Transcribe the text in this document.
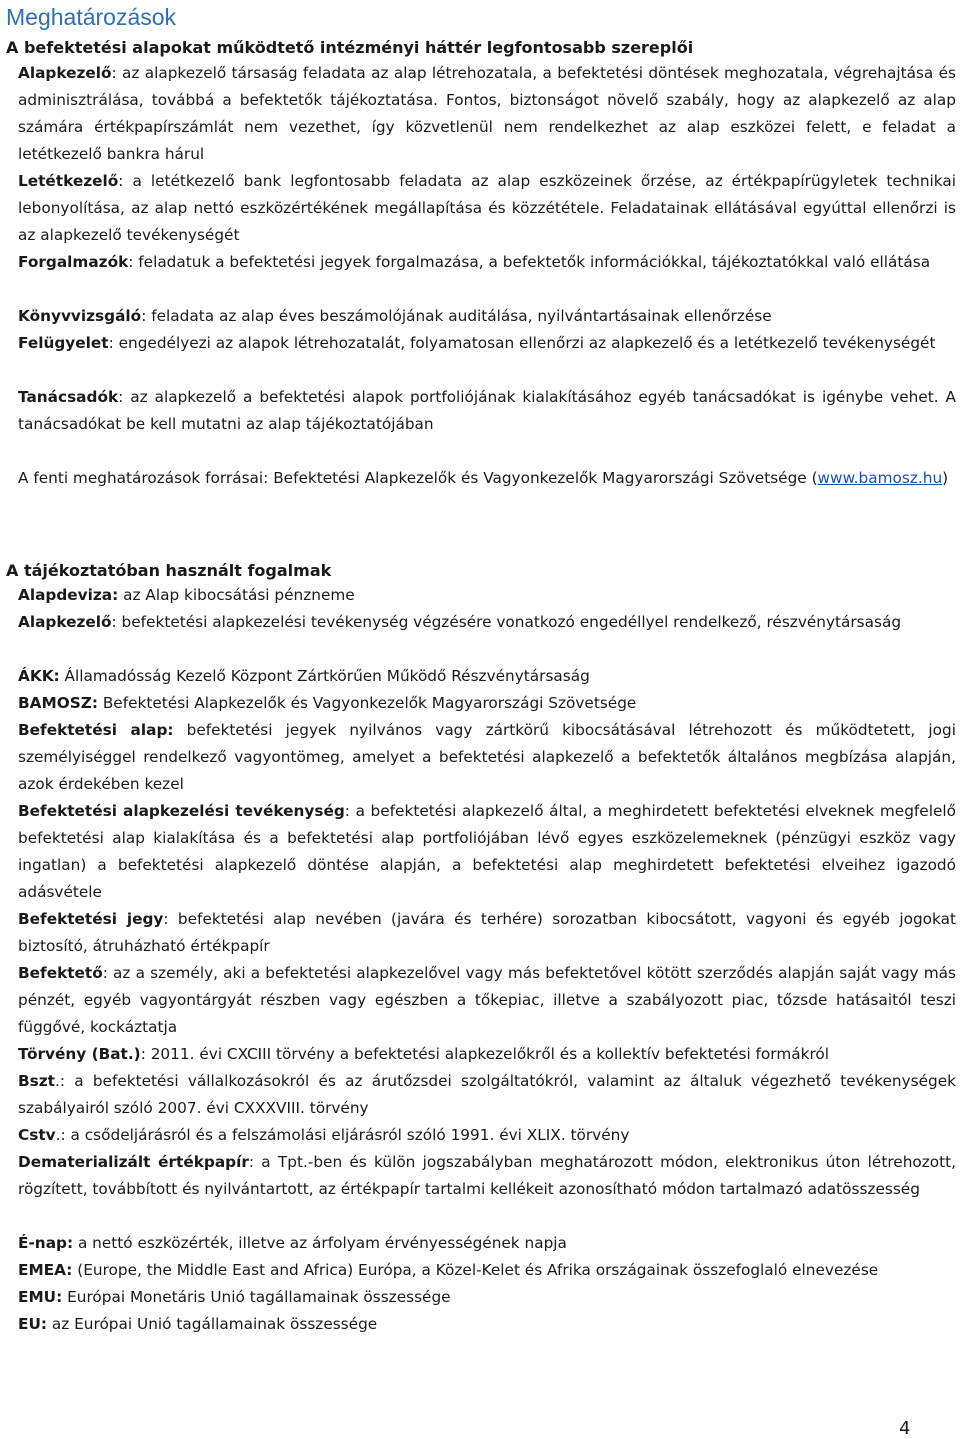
Meghatározások
A befektetési alapokat működtető intézményi háttér legfontosabb szereplői

Alapkezelő: az alapkezelő társaság feladata az alap létrehozatala, a befektetési döntések meghozatala, végrehajtása és adminisztrálása, továbbá a befektetők tájékoztatása. Fontos, biztonságot növelő szabály, hogy az alapkezelő az alap számára értékpapírszámlát nem vezethet, így közvetlenül nem rendelkezhet az alap eszközei felett, e feladat a letétkezelő bankra hárul

Letétkezelő: a letétkezelő bank legfontosabb feladata az alap eszközeinek őrzése, az értékpapírügyletek technikai lebonyolítása, az alap nettó eszközértékének megállapítása és közzététele. Feladatainak ellátásával egyúttal ellenőrzi is az alapkezelő tevékenységét

Forgalmazók: feladatuk a befektetési jegyek forgalmazása, a befektetők információkkal, tájékoztatókkal való ellátása

Könyvvizsgáló: feladata az alap éves beszámolójának auditálása, nyilvántartásainak ellenőrzése

Felügyelet: engedélyezi az alapok létrehozatalát, folyamatosan ellenőrzi az alapkezelő és a letétkezelő tevékenységét

Tanácsadók: az alapkezelő a befektetési alapok portfoliójának kialakításához egyéb tanácsadókat is igénybe vehet. A tanácsadókat be kell mutatni az alap tájékoztatójában

A fenti meghatározások forrásai: Befektetési Alapkezelők és Vagyonkezelők Magyarországi Szövetsége (www.bamosz.hu)

A tájékoztatóban használt fogalmak

Alapdeviza: az Alap kibocsátási pénzneme

Alapkezelő: befektetési alapkezelési tevékenység végzésére vonatkozó engedéllyel rendelkező, részvénytársaság

ÁKK: Államadósság Kezelő Központ Zártkörűen Működő Részvénytársaság

BAMOSZ: Befektetési Alapkezelők és Vagyonkezelők Magyarországi Szövetsége

Befektetési alap: befektetési jegyek nyilvános vagy zártkörű kibocsátásával létrehozott és működtetett, jogi személyiséggel rendelkező vagyontömeg, amelyet a befektetési alapkezelő a befektetők általános megbízása alapján, azok érdekében kezel

Befektetési alapkezelési tevékenység: a befektetési alapkezelő által, a meghirdetett befektetési elveknek megfelelő befektetési alap kialakítása és a befektetési alap portfoliójában lévő egyes eszközelemeknek (pénzügyi eszköz vagy ingatlan) a befektetési alapkezelő döntése alapján, a befektetési alap meghirdetett befektetési elveihez igazodó adásvétele

Befektetési jegy: befektetési alap nevében (javára és terhére) sorozatban kibocsátott, vagyoni és egyéb jogokat biztosító, átruházható értékpapír

Befektető: az a személy, aki a befektetési alapkezelővel vagy más befektetővel kötött szerződés alapján saját vagy más pénzét, egyéb vagyontárgyát részben vagy egészben a tőkepiac, illetve a szabályozott piac, tőzsde hatásaitól teszi függővé, kockáztatja

Törvény (Bat.): 2011. évi CXCIII törvény a befektetési alapkezelőkről és a kollektív befektetési formákról

Bszt.: a befektetési vállalkozásokról és az árutőzsdei szolgáltatókról, valamint az általuk végezhető tevékenységek szabályairól szóló 2007. évi CXXXVIII. törvény

Cstv.: a csődeljárásról és a felszámolási eljárásról szóló 1991. évi XLIX. törvény

Dematerializált értékpapír: a Tpt.-ben és külön jogszabályban meghatározott módon, elektronikus úton létrehozott, rögzített, továbbított és nyilvántartott, az értékpapír tartalmi kellékeit azonosítható módon tartalmazó adatösszesség

É-nap: a nettó eszközérték, illetve az árfolyam érvényességének napja

EMEA: (Europe, the Middle East and Africa) Európa, a Közel-Kelet és Afrika országainak összefoglaló elnevezése

EMU: Európai Monetáris Unió tagállamainak összessége

EU: az Európai Unió tagállamainak összessége

4
